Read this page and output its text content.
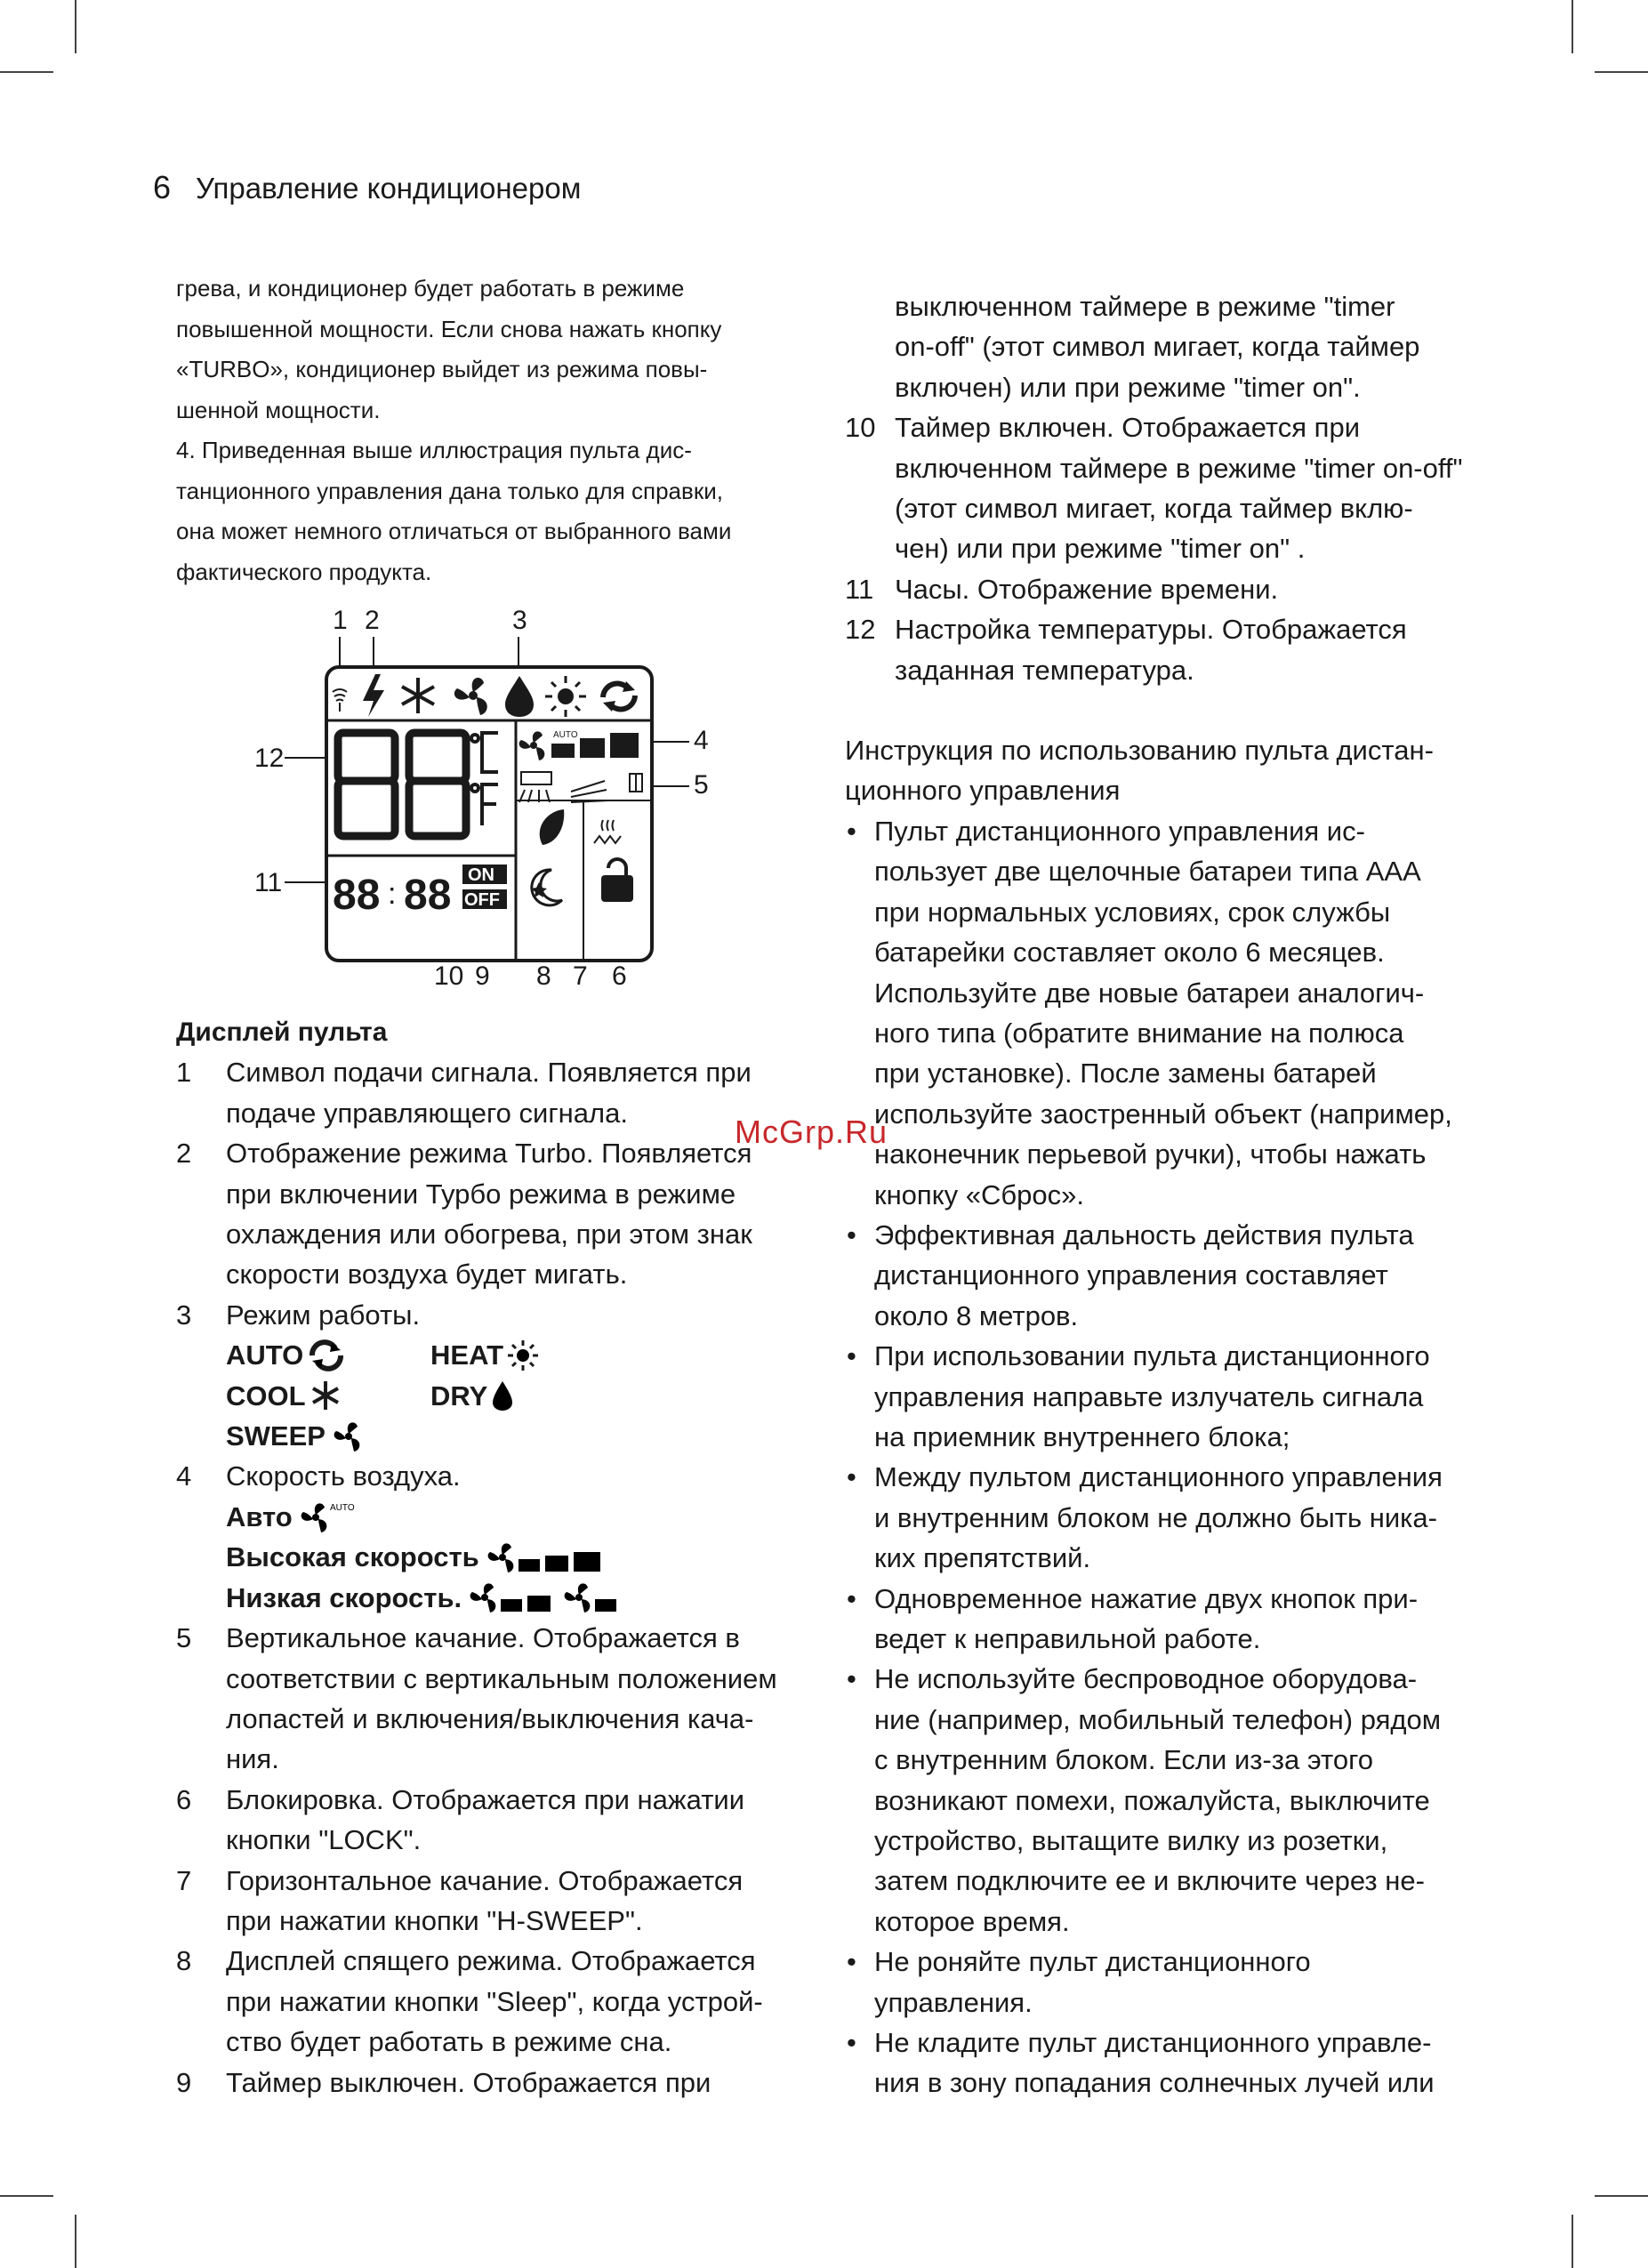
6 Управление кондиционером

грева, и кондиционер будет работать в режиме

повышенной мощности. Если снова нажать кнопку

«TURBO», кондиционер выйдет из режима повы-

шенной мощности.

4. Приведенная выше иллюстрация пульта дис-

танционного управления дана только для справки,

она может немного отличаться от выбранного вами

фактического продукта.

1 2	3
4
5
6
7
8
9
10
11
12
AUTO
88 : 88 ON
OFF

Дисплей пульта

1 Символ подачи сигнала. Появляется при
подаче управляющего сигнала.
2 Отображение режима Turbo. Появляется
при включении Турбо режима в режиме
охлаждения или обогрева, при этом знак
скорости воздуха будет мигать.
3 Режим работы.
AUTO	HEAT
COOL	DRY
SWEEP
4 Скорость воздуха.
Авто	AUTO
Высокая скорость
Низкая скорость.
5 Вертикальное качание. Отображается в
соответствии с вертикальным положением
лопастей и включения/выключения кача-
ния.
6 Блокировка. Отображается при нажатии
кнопки "LOCK".
7 Горизонтальное качание. Отображается
при нажатии кнопки "H-SWEEP".
8 Дисплей спящего режима. Отображается
при нажатии кнопки "Sleep", когда устрой-
ство будет работать в режиме сна.
9 Таймер выключен. Отображается при
выключенном таймере в режиме "timer
on-off" (этот символ мигает, когда таймер
включен) или при режиме "timer on".
10 Таймер включен. Отображается при
включенном таймере в режиме "timer on-off"
(этот символ мигает, когда таймер вклю-
чен) или при режиме "timer on" .
11 Часы. Отображение времени.
12 Настройка температуры. Отображается
заданная температура.
Инструкция по использованию пульта дистан-
ционного управления
• Пульт дистанционного управления ис-
пользует две щелочные батареи типа AAA
при нормальных условиях, срок службы
батарейки составляет около 6 месяцев.
Используйте две новые батареи аналогич-
ного типа (обратите внимание на полюса
при установке). После замены батарей
используйте заостренный объект (например,
наконечник перьевой ручки), чтобы нажать
кнопку «Сброс».
• Эффективная дальность действия пульта
дистанционного управления составляет
около 8 метров.
• При использовании пульта дистанционного
управления направьте излучатель сигнала
на приемник внутреннего блока;
• Между пультом дистанционного управления
и внутренним блоком не должно быть ника-
ких препятствий.
• Одновременное нажатие двух кнопок при-
ведет к неправильной работе.
• Не используйте беспроводное оборудова-
ние (например, мобильный телефон) рядом
с внутренним блоком. Если из-за этого
возникают помехи, пожалуйста, выключите
устройство, вытащите вилку из розетки,
затем подключите ее и включите через не-
которое время.
• Не роняйте пульт дистанционного
управления.
• Не кладите пульт дистанционного управле-
ния в зону попадания солнечных лучей или
McGrp.Ru
